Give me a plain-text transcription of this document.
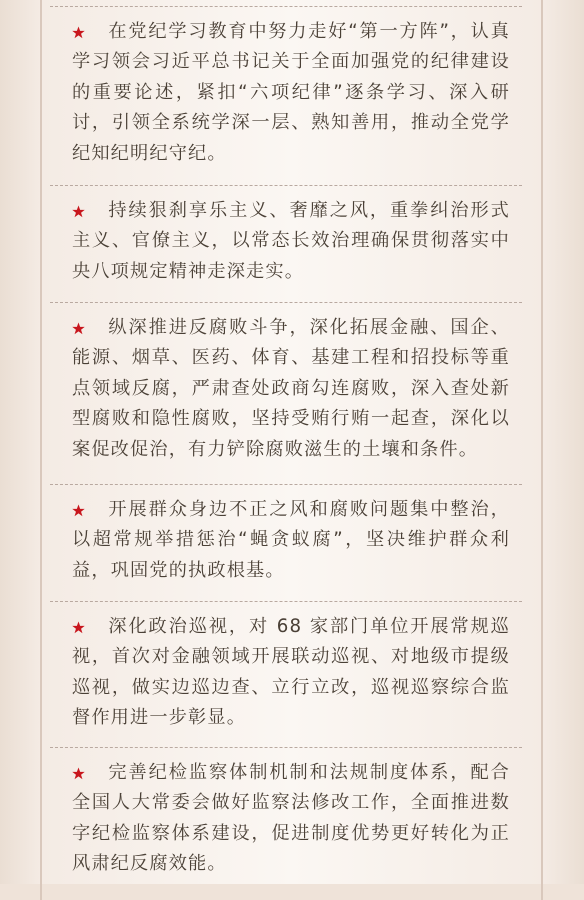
在党纪学习教育中努力走好“第一方阵”，认真学习领会习近平总书记关于全面加强党的纪律建设的重要论述，紧扣“六项纪律”逐条学习、深入研讨，引领全系统学深一层、熟知善用，推动全党学纪知纪明纪守纪。
持续狠刹享乐主义、奢靡之风，重拳纠治形式主义、官僚主义，以常态长效治理确保贯彻落实中央八项规定精神走深走实。
纵深推进反腐败斗争，深化拓展金融、国企、能源、烟草、医药、体育、基建工程和招投标等重点领域反腐，严肃查处政商勾连腐败，深入查处新型腐败和隐性腐败，坚持受贿行贿一起查，深化以案促改促治，有力铲除腐败滋生的土壤和条件。
开展群众身边不正之风和腐败问题集中整治，以超常规举措惩治“蝇贪蚁腐”，坚决维护群众利益，巩固党的执政根基。
深化政治巡视，对 68 家部门单位开展常规巡视，首次对金融领域开展联动巡视、对地级市提级巡视，做实边巡边查、立行立改，巡视巡察综合监督作用进一步彰显。
完善纪检监察体制机制和法规制度体系，配合全国人大常委会做好监察法修改工作，全面推进数字纪检监察体系建设，促进制度优势更好转化为正风肃纪反腐效能。
